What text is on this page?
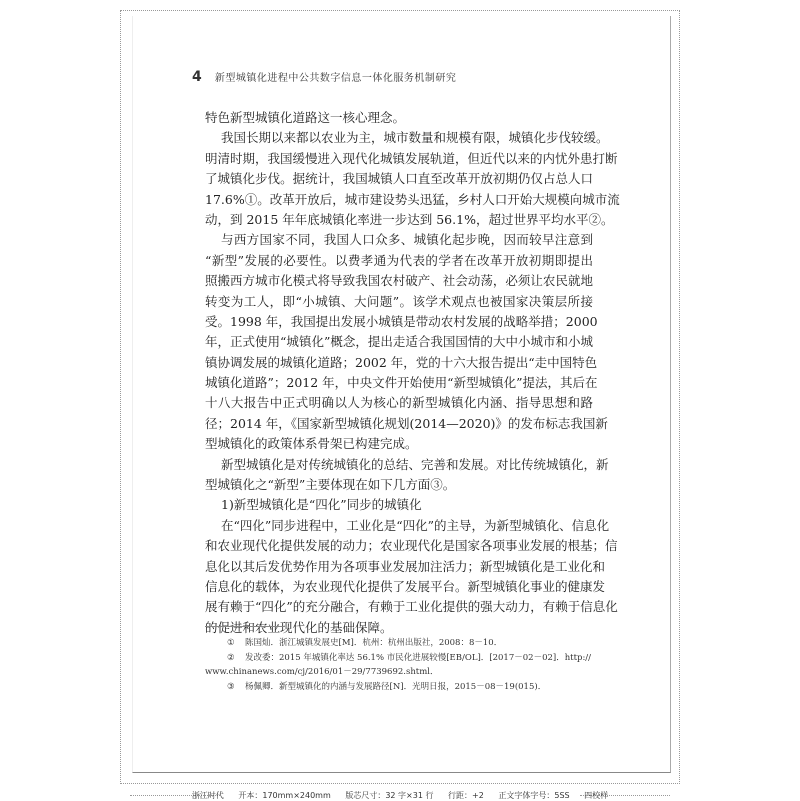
4 新型城镇化进程中公共数字信息一体化服务机制研究
特色新型城镇化道路这一核心理念。
我国长期以来都以农业为主，城市数量和规模有限，城镇化步伐较缓。
明清时期，我国缓慢进入现代化城镇发展轨道，但近代以来的内忧外患打断
了城镇化步伐。据统计，我国城镇人口直至改革开放初期仍仅占总人口
17.6%①。改革开放后，城市建设势头迅猛，乡村人口开始大规模向城市流
动，到 2015 年年底城镇化率进一步达到 56.1%，超过世界平均水平②。
与西方国家不同，我国人口众多、城镇化起步晚，因而较早注意到
“新型”发展的必要性。以费孝通为代表的学者在改革开放初期即提出
照搬西方城市化模式将导致我国农村破产、社会动荡，必须让农民就地
转变为工人，即“小城镇、大问题”。该学术观点也被国家决策层所接
受。1998 年，我国提出发展小城镇是带动农村发展的战略举措；2000
年，正式使用“城镇化”概念，提出走适合我国国情的大中小城市和小城
镇协调发展的城镇化道路；2002 年，党的十六大报告提出“走中国特色
城镇化道路”；2012 年，中央文件开始使用“新型城镇化”提法，其后在
十八大报告中正式明确以人为核心的新型城镇化内涵、指导思想和路
径；2014 年，《国家新型城镇化规划(2014—2020)》的发布标志我国新
型城镇化的政策体系骨架已构建完成。
新型城镇化是对传统城镇化的总结、完善和发展。对比传统城镇化，新
型城镇化之“新型”主要体现在如下几方面③。
1)新型城镇化是“四化”同步的城镇化
在“四化”同步进程中，工业化是“四化”的主导，为新型城镇化、信息化
和农业现代化提供发展的动力；农业现代化是国家各项事业发展的根基；信
息化以其后发优势作用为各项事业发展加注活力；新型城镇化是工业化和
信息化的载体，为农业现代化提供了发展平台。新型城镇化事业的健康发
展有赖于“四化”的充分融合，有赖于工业化提供的强大动力，有赖于信息化
的促进和农业现代化的基础保障。
① 陈国灿．浙江城镇发展史[M]．杭州：杭州出版社，2008：8－10．
② 发改委：2015 年城镇化率达 56.1% 市民化进展较慢[EB/OL]．[2017－02－02]．http://
www.chinanews.com/cj/2016/01－29/7739692.shtml．
③ 杨佩卿．新型城镇化的内涵与发展路径[N]．光明日报，2015－08－19(015)．
浙江时代 开本：170mm×240mm 版芯尺寸：32 字×31 行 行距：+2 正文字体字号：5SS 四校样
